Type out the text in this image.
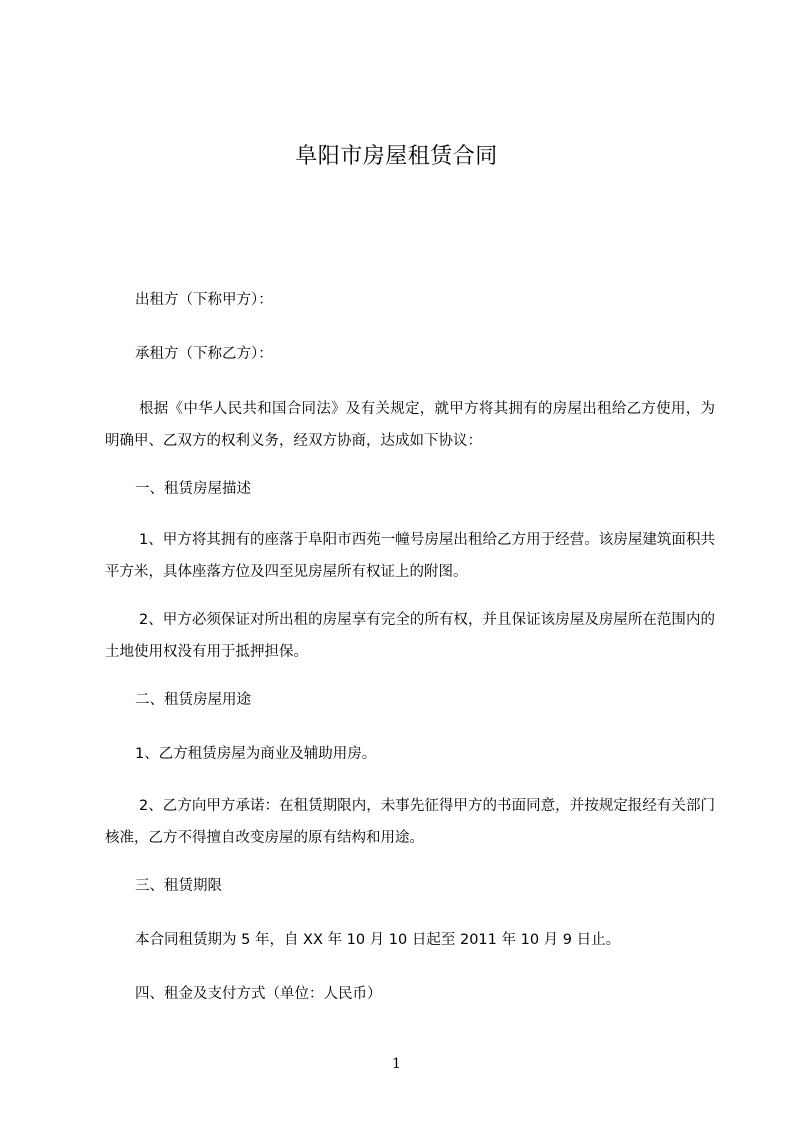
阜阳市房屋租赁合同
出租方（下称甲方）：
承租方（下称乙方）：
根据《中华人民共和国合同法》及有关规定，就甲方将其拥有的房屋出租给乙方使用，为明确甲、乙双方的权利义务，经双方协商，达成如下协议：
一、租赁房屋描述
1、甲方将其拥有的座落于阜阳市西苑一幢号房屋出租给乙方用于经营。该房屋建筑面积共平方米，具体座落方位及四至见房屋所有权证上的附图。
2、甲方必须保证对所出租的房屋享有完全的所有权，并且保证该房屋及房屋所在范围内的土地使用权没有用于抵押担保。
二、租赁房屋用途
1、乙方租赁房屋为商业及辅助用房。
2、乙方向甲方承诺：在租赁期限内，未事先征得甲方的书面同意，并按规定报经有关部门核准，乙方不得擅自改变房屋的原有结构和用途。
三、租赁期限
本合同租赁期为 5 年，自 XX 年 10 月 10 日起至 2011 年 10 月 9 日止。
四、租金及支付方式（单位：人民币）
1
